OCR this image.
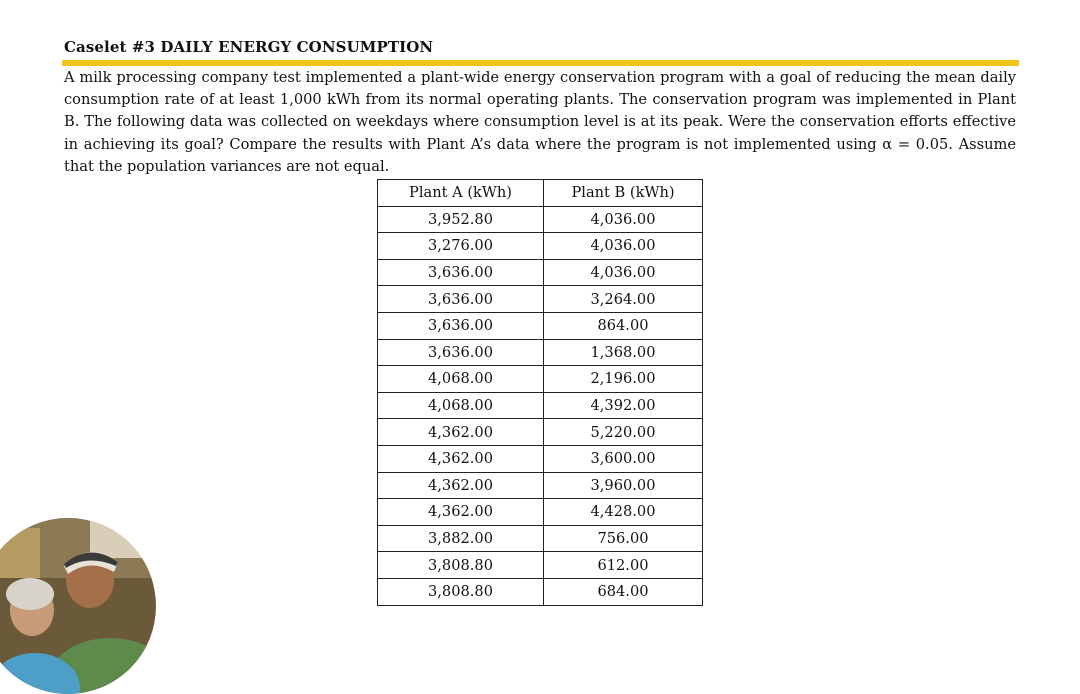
Caselet #3 DAILY ENERGY CONSUMPTION
A milk processing company test implemented a plant-wide energy conservation program with a goal of reducing the mean daily consumption rate of at least 1,000 kWh from its normal operating plants. The conservation program was implemented in Plant B. The following data was collected on weekdays where consumption level is at its peak. Were the conservation efforts effective in achieving its goal? Compare the results with Plant A’s data where the program is not implemented using α = 0.05. Assume that the population variances are not equal.
Plant A (kWh)	Plant B (kWh)
3,952.80	4,036.00
3,276.00	4,036.00
3,636.00	4,036.00
3,636.00	3,264.00
3,636.00	864.00
3,636.00	1,368.00
4,068.00	2,196.00
4,068.00	4,392.00
4,362.00	5,220.00
4,362.00	3,600.00
4,362.00	3,960.00
4,362.00	4,428.00
3,882.00	756.00
3,808.80	612.00
3,808.80	684.00
